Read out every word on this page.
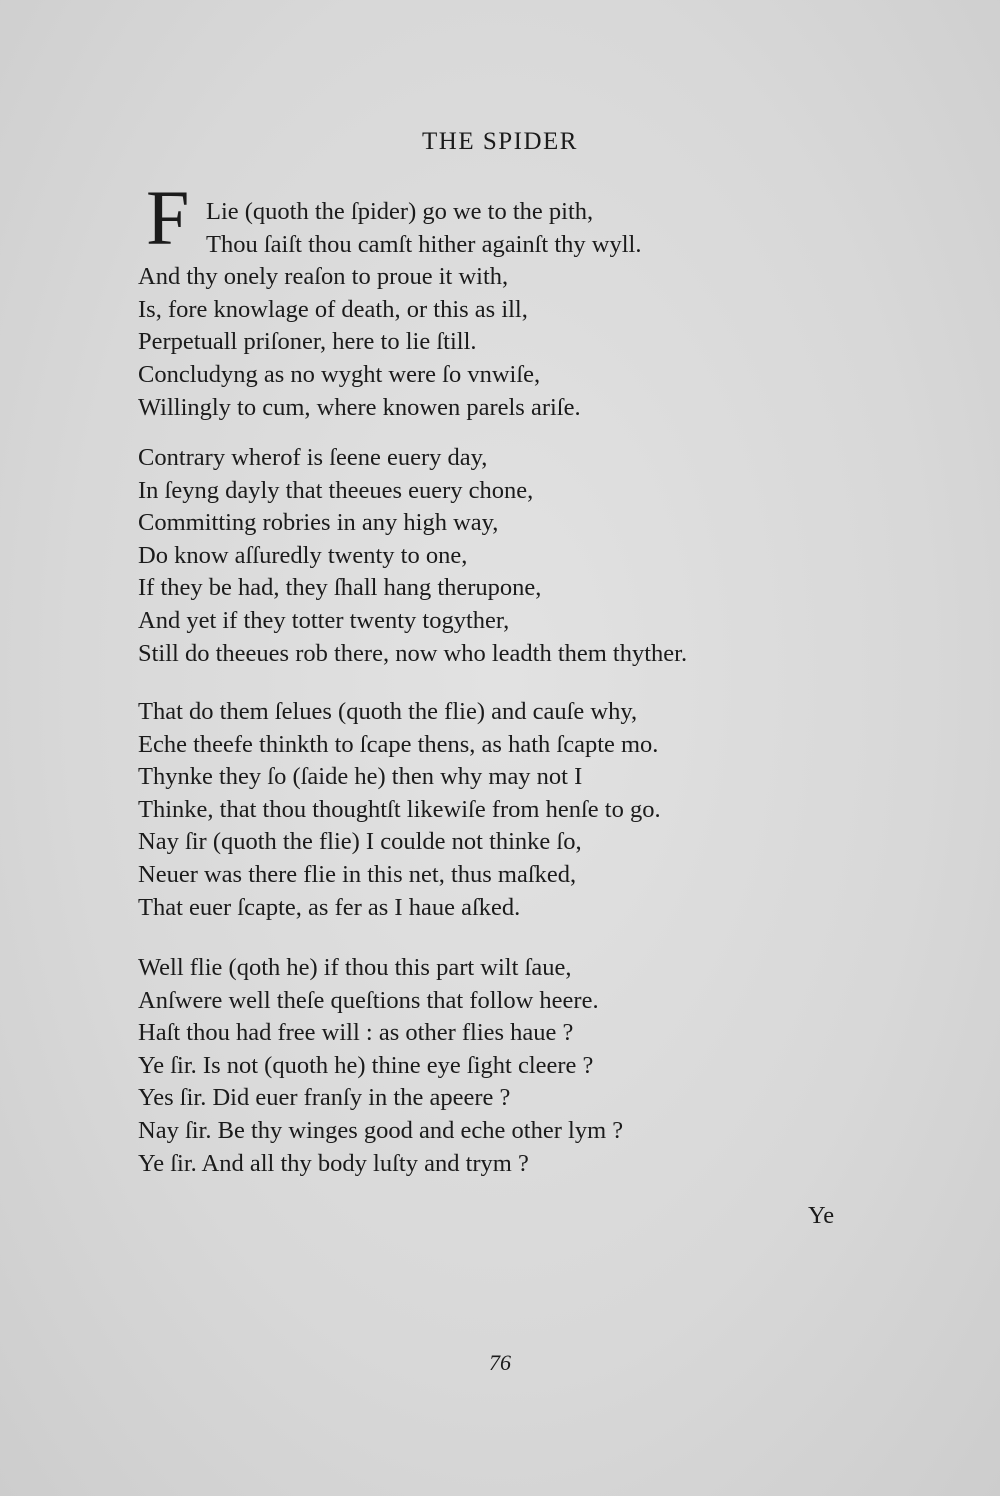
THE SPIDER
F Lie (quoth the ſpider) go we to the pith,
Thou ſaiſt thou camſt hither againſt thy wyll.
And thy onely reaſon to proue it with,
Is, fore knowlage of death, or this as ill,
Perpetuall priſoner, here to lie ſtill.
Concludyng as no wyght were ſo vnwiſe,
Willingly to cum, where knowen parels ariſe.
Contrary wherof is ſeene euery day,
In ſeyng dayly that theeues euery chone,
Committing robries in any high way,
Do know aſſuredly twenty to one,
If they be had, they ſhall hang therupone,
And yet if they totter twenty togyther,
Still do theeues rob there, now who leadth them thyther.
That do them ſelues (quoth the flie) and cauſe why,
Eche theefe thinkth to ſcape thens, as hath ſcapte mo.
Thynke they ſo (ſaide he) then why may not I
Thinke, that thou thoughtſt likewiſe from henſe to go.
Nay ſir (quoth the flie) I coulde not thinke ſo,
Neuer was there flie in this net, thus maſked,
That euer ſcapte, as fer as I haue aſked.
Well flie (qoth he) if thou this part wilt ſaue,
Anſwere well theſe queſtions that follow heere.
Haſt thou had free will : as other flies haue ?
Ye ſir. Is not (quoth he) thine eye ſight cleere ?
Yes ſir. Did euer franſy in the apeere ?
Nay ſir. Be thy winges good and eche other lym ?
Ye ſir. And all thy body luſty and trym ?
Ye
76
